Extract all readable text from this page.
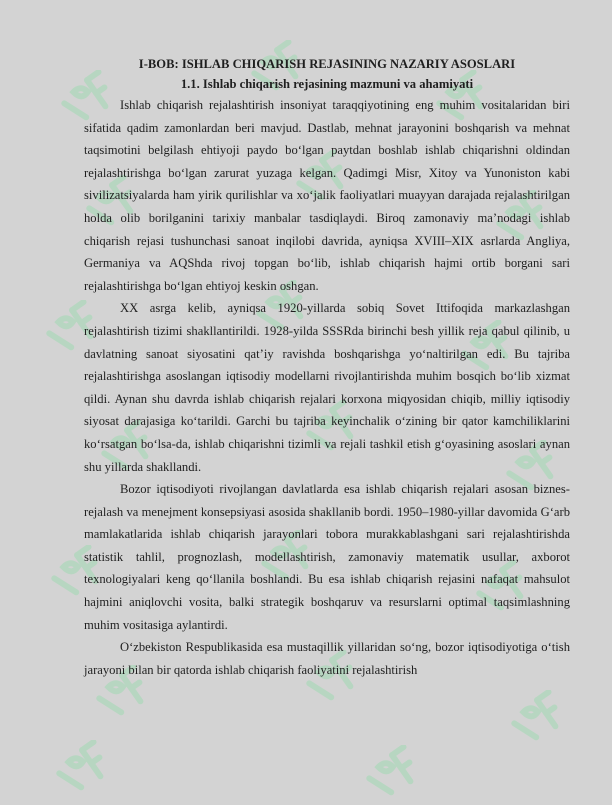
I-BOB: ISHLAB CHIQARISH REJASINING NAZARIY ASOSLARI
1.1. Ishlab chiqarish rejasining mazmuni va ahamiyati

Ishlab chiqarish rejalashtirish insoniyat taraqqiyotining eng muhim vositalaridan biri sifatida qadim zamonlardan beri mavjud. Dastlab, mehnat jarayonini boshqarish va mehnat taqsimotini belgilash ehtiyoji paydo bo‘lgan paytdan boshlab ishlab chiqarishni oldindan rejalashtirishga bo‘lgan zarurat yuzaga kelgan. Qadimgi Misr, Xitoy va Yunoniston kabi sivilizatsiyalarda ham yirik qurilishlar va xo‘jalik faoliyatlari muayyan darajada rejalashtirilgan holda olib borilganini tarixiy manbalar tasdiqlaydi. Biroq zamonaviy ma’nodagi ishlab chiqarish rejasi tushunchasi sanoat inqilobi davrida, ayniqsa XVIII–XIX asrlarda Angliya, Germaniya va AQShda rivoj topgan bo‘lib, ishlab chiqarish hajmi ortib borgani sari rejalashtirishga bo‘lgan ehtiyoj keskin oshgan.

XX asrga kelib, ayniqsa 1920-yillarda sobiq Sovet Ittifoqida markazlashgan rejalashtirish tizimi shakllantirildi. 1928-yilda SSSRda birinchi besh yillik reja qabul qilinib, u davlatning sanoat siyosatini qat’iy ravishda boshqarishga yo‘naltirilgan edi. Bu tajriba rejalashtirishga asoslangan iqtisodiy modellarni rivojlantirishda muhim bosqich bo‘lib xizmat qildi. Aynan shu davrda ishlab chiqarish rejalari korxona miqyosidan chiqib, milliy iqtisodiy siyosat darajasiga ko‘tarildi. Garchi bu tajriba keyinchalik o‘zining bir qator kamchiliklarini ko‘rsatgan bo‘lsa-da, ishlab chiqarishni tizimli va rejali tashkil etish g‘oyasining asoslari aynan shu yillarda shakllandi.

Bozor iqtisodiyoti rivojlangan davlatlarda esa ishlab chiqarish rejalari asosan biznes-rejalash va menejment konsepsiyasi asosida shakllanib bordi. 1950–1980-yillar davomida G‘arb mamlakatlarida ishlab chiqarish jarayonlari tobora murakkablashgani sari rejalashtirishda statistik tahlil, prognozlash, modellashtirish, zamonaviy matematik usullar, axborot texnologiyalari keng qo‘llanila boshlandi. Bu esa ishlab chiqarish rejasini nafaqat mahsulot hajmini aniqlovchi vosita, balki strategik boshqaruv va resurslarni optimal taqsimlashning muhim vositasiga aylantirdi.

O‘zbekiston Respublikasida esa mustaqillik yillaridan so‘ng, bozor iqtisodiyotiga o‘tish jarayoni bilan bir qatorda ishlab chiqarish faoliyatini rejalashtirish
